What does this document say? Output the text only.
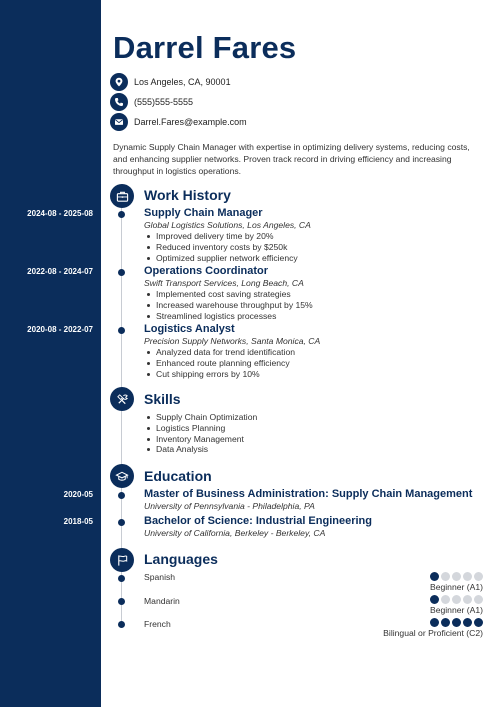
Darrel Fares
Los Angeles, CA, 90001
(555)555-5555
Darrel.Fares@example.com
Dynamic Supply Chain Manager with expertise in optimizing delivery systems, reducing costs, and enhancing supplier networks. Proven track record in driving efficiency and increasing throughput in logistics operations.
Work History
2024-08 - 2025-08	Supply Chain Manager
Global Logistics Solutions, Los Angeles, CA
Improved delivery time by 20%
Reduced inventory costs by $250k
Optimized supplier network efficiency
2022-08 - 2024-07	Operations Coordinator
Swift Transport Services, Long Beach, CA
Implemented cost saving strategies
Increased warehouse throughput by 15%
Streamlined logistics processes
2020-08 - 2022-07	Logistics Analyst
Precision Supply Networks, Santa Monica, CA
Analyzed data for trend identification
Enhanced route planning efficiency
Cut shipping errors by 10%
Skills
Supply Chain Optimization
Logistics Planning
Inventory Management
Data Analysis
Education
2020-05	Master of Business Administration: Supply Chain Management
University of Pennsylvania - Philadelphia, PA
2018-05	Bachelor of Science: Industrial Engineering
University of California, Berkeley - Berkeley, CA
Languages
Spanish
Beginner (A1)
Mandarin
Beginner (A1)
French
Bilingual or Proficient (C2)
